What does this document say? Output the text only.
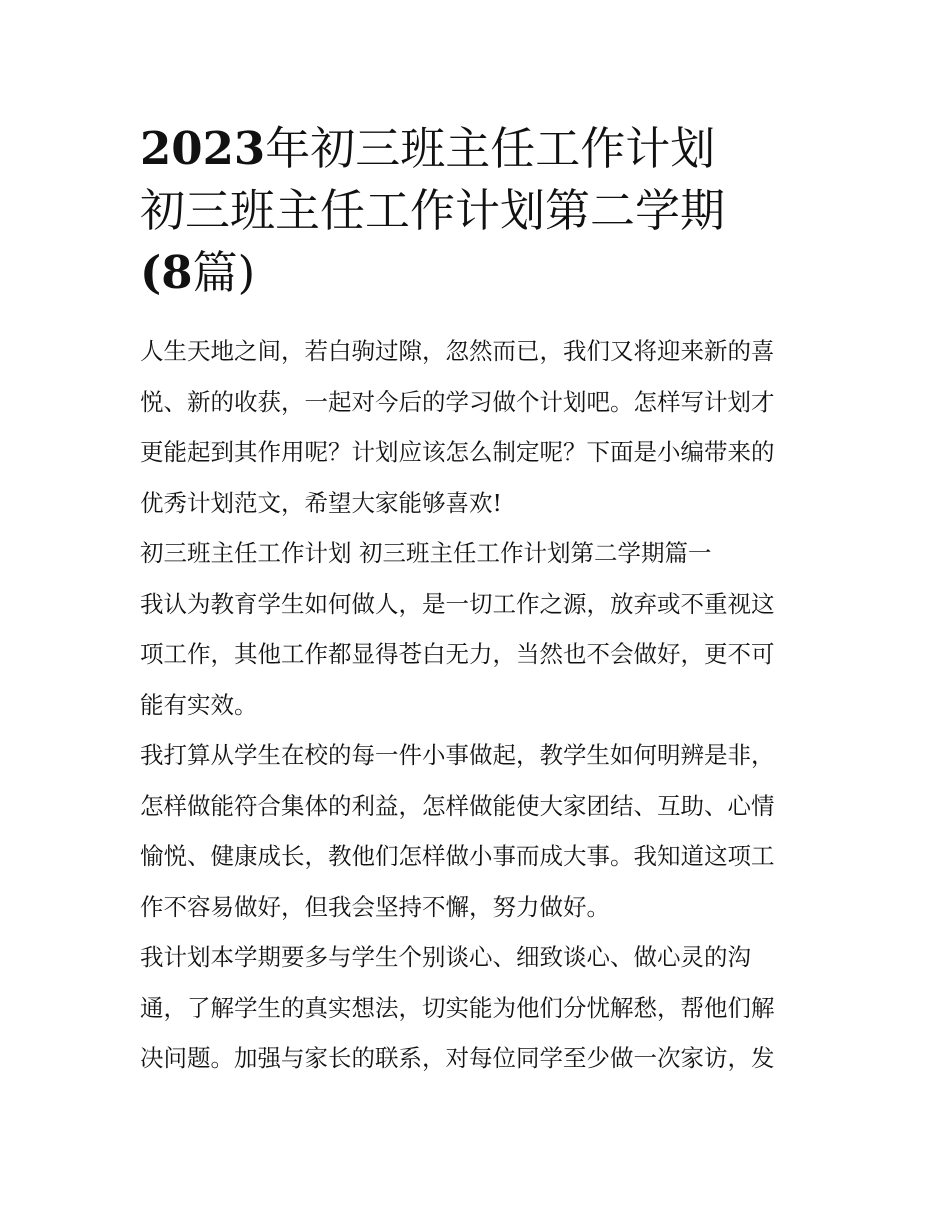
2023年初三班主任工作计划
初三班主任工作计划第二学期
(8篇)

人生天地之间，若白驹过隙，忽然而已，我们又将迎来新的喜
悦、新的收获，一起对今后的学习做个计划吧。怎样写计划才
更能起到其作用呢？计划应该怎么制定呢？下面是小编带来的
优秀计划范文，希望大家能够喜欢!

初三班主任工作计划 初三班主任工作计划第二学期篇一

我认为教育学生如何做人，是一切工作之源，放弃或不重视这
项工作，其他工作都显得苍白无力，当然也不会做好，更不可
能有实效。

我打算从学生在校的每一件小事做起，教学生如何明辨是非，
怎样做能符合集体的利益，怎样做能使大家团结、互助、心情
愉悦、健康成长，教他们怎样做小事而成大事。我知道这项工
作不容易做好，但我会坚持不懈，努力做好。

我计划本学期要多与学生个别谈心、细致谈心、做心灵的沟
通，了解学生的真实想法，切实能为他们分忧解愁，帮他们解
决问题。加强与家长的联系，对每位同学至少做一次家访，发
